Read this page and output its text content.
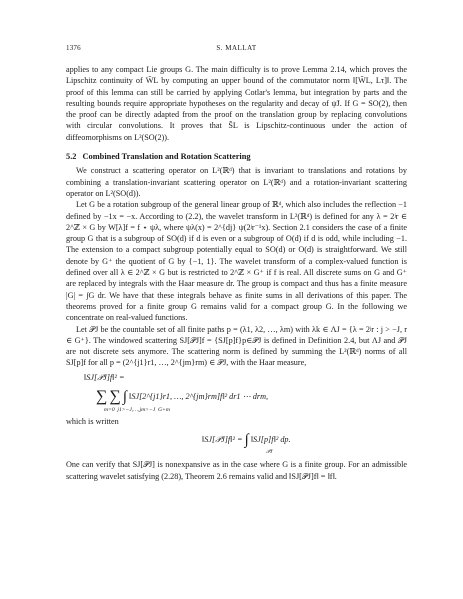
1376	S. MALLAT

applies to any compact Lie groups G. The main difficulty is to prove Lemma 2.14, which proves the Lipschitz continuity of W̃L by computing an upper bound of the commutator norm ‖[W̃L, Lτ]‖. The proof of this lemma can still be carried by applying Cotlar's lemma, but integration by parts and the resulting bounds require appropriate hypotheses on the regularity and decay of ψ̃J. If G = SO(2), then the proof can be directly adapted from the proof on the translation group by replacing convolutions with circular convolutions. It proves that S̃L is Lipschitz-continuous under the action of diffeomorphisms on L²(SO(2)).

5.2 Combined Translation and Rotation Scattering

We construct a scattering operator on L²(ℝᵈ) that is invariant to translations and rotations by combining a translation-invariant scattering operator on L²(ℝᵈ) and a rotation-invariant scattering operator on L²(SO(d)).

Let G be a rotation subgroup of the general linear group of ℝᵈ, which also includes the reflection −1 defined by −1x = −x. According to (2.2), the wavelet transform in L²(ℝᵈ) is defined for any λ = 2ʲr ∈ 2^ℤ × G by W[λ]f = f ⋆ ψλ, where ψλ(x) = 2^{dj} ψ(2ʲr⁻¹x). Section 2.1 considers the case of a finite group G that is a subgroup of SO(d) if d is even or a subgroup of O(d) if d is odd, while including −1. The extension to a compact subgroup potentially equal to SO(d) or O(d) is straightforward. We still denote by G⁺ the quotient of G by {−1, 1}. The wavelet transform of a complex-valued function is defined over all λ ∈ 2^ℤ × G but is restricted to 2^ℤ × G⁺ if f is real. All discrete sums on G and G⁺ are replaced by integrals with the Haar measure dr. The group is compact and thus has a finite measure |G| = ∫G dr. We have that these integrals behave as finite sums in all derivations of this paper. The theorems proved for a finite group G remains valid for a compact group G. In the following we concentrate on real-valued functions.

Let 𝒫J be the countable set of all finite paths p = (λ1, λ2, …, λm) with λk ∈ ΛJ = {λ = 2ʲr : j > −J, r ∈ G⁺}. The windowed scattering SJ[𝒫J]f = {SJ[p]f}p∈𝒫J is defined in Definition 2.4, but ΛJ and 𝒫J are not discrete sets anymore. The scattering norm is defined by summing the L²(ℝᵈ) norms of all SJ[p]f for all p = (2^{j1}r1, …, 2^{jm}rm) ∈ 𝒫J, with the Haar measure,

‖SJ[𝒫J]f‖² =
∑ ∑ ∫ ‖SJ[2^{j1}r1, …, 2^{jm}rm]f‖² dr1 ⋯ drm,
m=0 j1>−J,…,jm>−J G+m

which is written

‖SJ[𝒫J]f‖² = ∫ ‖SJ[p]f‖² dp.
𝒫J

One can verify that SJ[𝒫J] is nonexpansive as in the case where G is a finite group. For an admissible scattering wavelet satisfying (2.28), Theorem 2.6 remains valid and ‖SJ[𝒫J]f‖ = ‖f‖.
